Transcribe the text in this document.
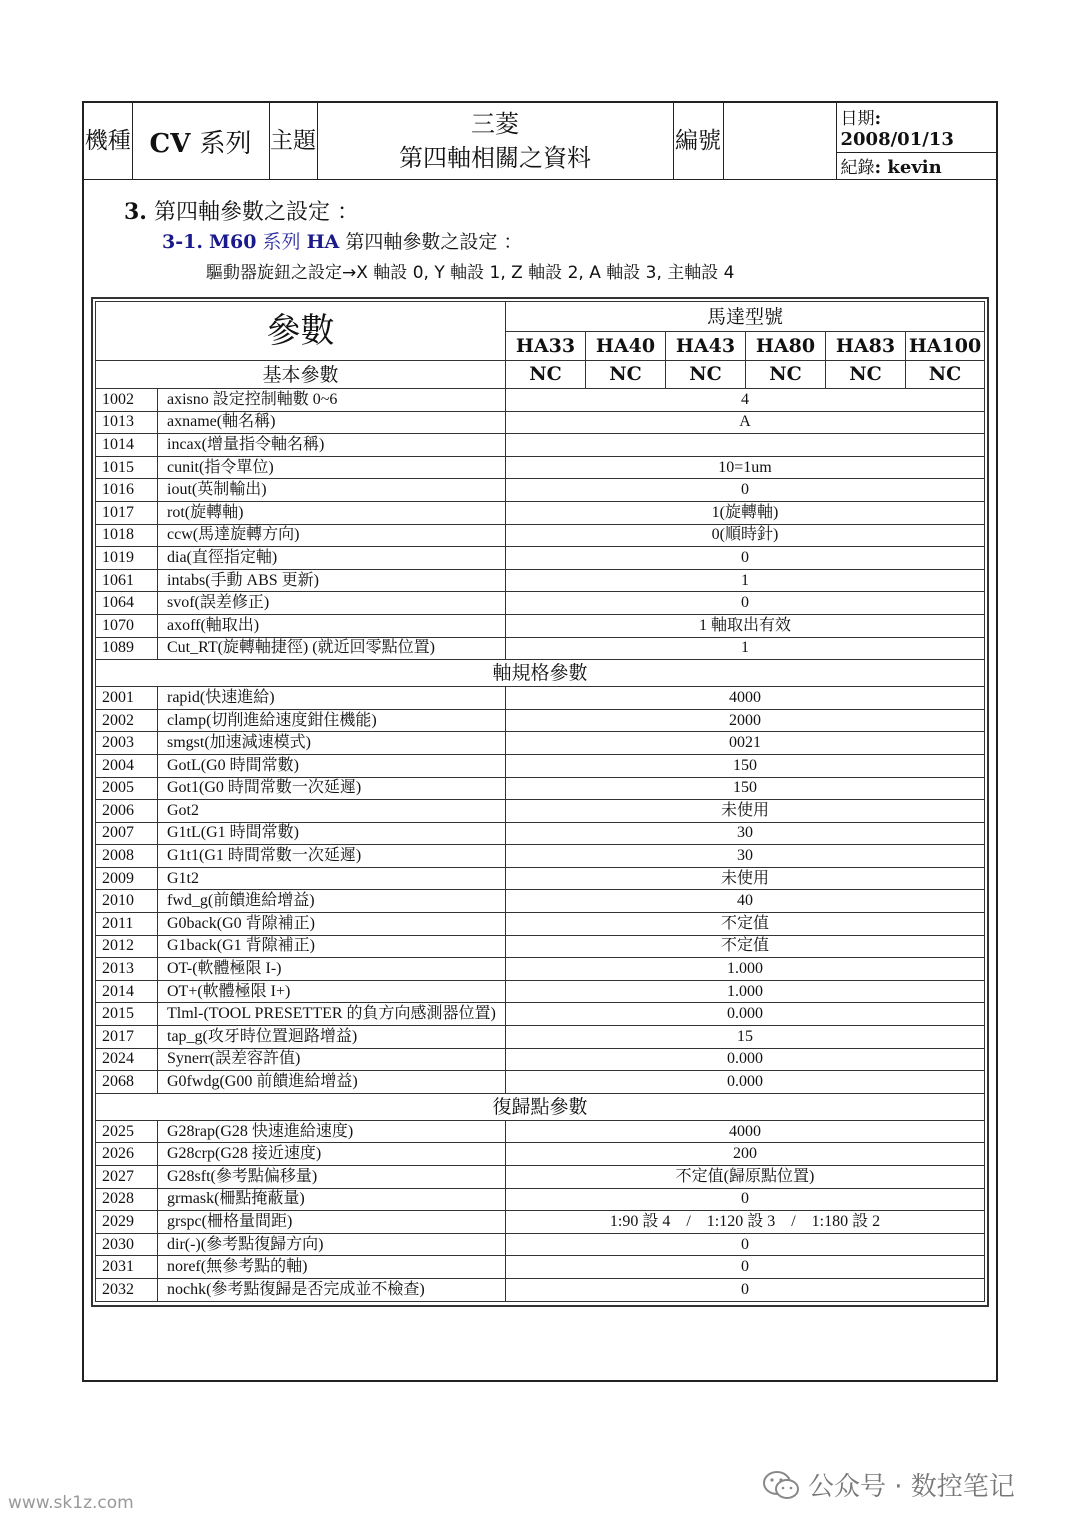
機種	CV 系列	主題	
三菱
第四軸相關之資料
	編號		日期: 2008/01/13
紀錄: kevin
3. 第四軸參數之設定 ：
3-1. M60 系列 HA 第四軸參數之設定 ：
驅動器旋鈕之設定→X 軸設 0, Y 軸設 1, Z 軸設 2, A 軸設 3, 主軸設 4
參數		馬達型號					
		HA33	HA40	HA43	HA80	HA83	HA100
基本參數		NC	NC	NC	NC	NC	NC
1002	axisno 設定控制軸數 0~6	4					
1013	axname(軸名稱)	A					
1014	incax(增量指令軸名稱)						
1015	cunit(指令單位)	10=1um					
1016	iout(英制輸出)	0					
1017	rot(旋轉軸)	1(旋轉軸)					
1018	ccw(馬達旋轉方向)	0(順時針)					
1019	dia(直徑指定軸)	0					
1061	intabs(手動 ABS 更新)	1					
1064	svof(誤差修正)	0					
1070	axoff(軸取出)	1 軸取出有效					
1089	Cut_RT(旋轉軸捷徑) (就近回零點位置)	1					
軸規格參數							
2001	rapid(快速進給)	4000					
2002	clamp(切削進給速度鉗住機能)	2000					
2003	smgst(加速減速模式)	0021					
2004	GotL(G0 時間常數)	150					
2005	Got1(G0 時間常數一次延遲)	150					
2006	Got2	未使用					
2007	G1tL(G1 時間常數)	30					
2008	G1t1(G1 時間常數一次延遲)	30					
2009	G1t2	未使用					
2010	fwd_g(前饋進給增益)	40					
2011	G0back(G0 背隙補正)	不定值					
2012	G1back(G1 背隙補正)	不定值					
2013	OT-(軟體極限 I-)	1.000					
2014	OT+(軟體極限 I+)	1.000					
2015	Tlml-(TOOL PRESETTER 的負方向感測器位置)	0.000					
2017	tap_g(攻牙時位置迴路增益)	15					
2024	Synerr(誤差容許值)	0.000					
2068	G0fwdg(G00 前饋進給增益)	0.000					
復歸點參數							
2025	G28rap(G28 快速進給速度)	4000					
2026	G28crp(G28 接近速度)	200					
2027	G28sft(參考點偏移量)	不定值(歸原點位置)					
2028	grmask(柵點掩蔽量)	0					
2029	grspc(柵格量間距)	1:90 設 4    /    1:120 設 3    /    1:180 設 2					
2030	dir(-)(參考點復歸方向)	0					
2031	noref(無參考點的軸)	0					
2032	nochk(參考點復歸是否完成並不檢查)	0					
www.sk1z.com
公众号 · 数控笔记
